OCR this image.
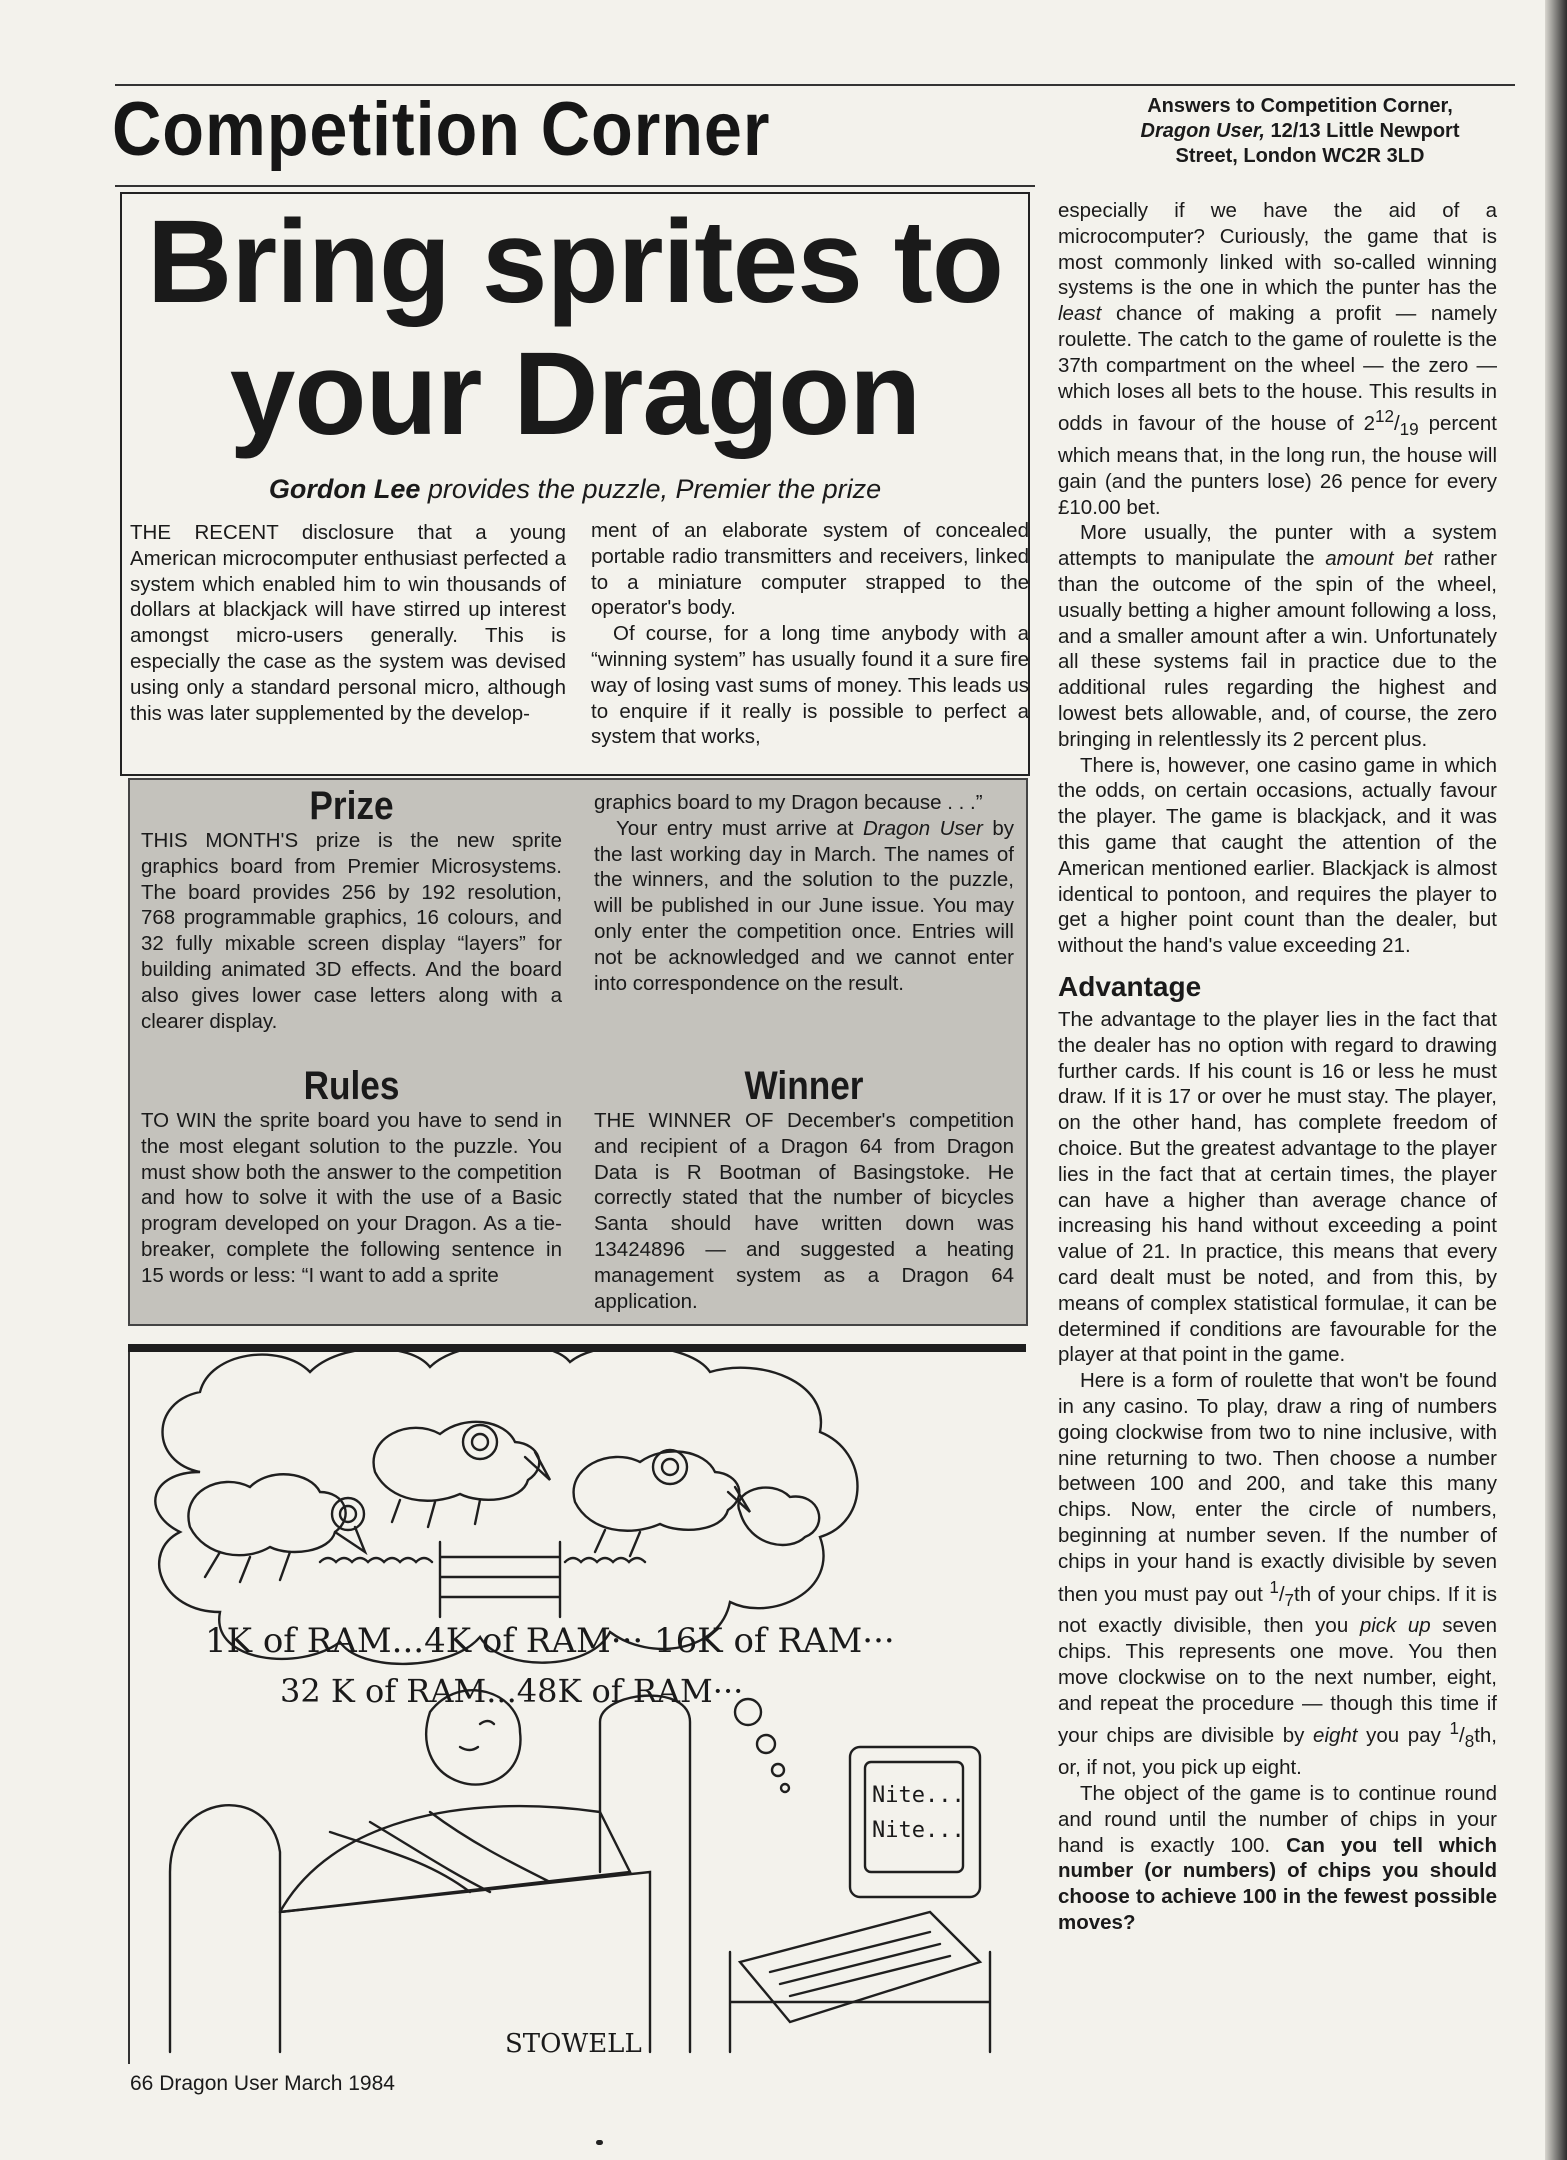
Competition Corner	Answers to Competition Corner,
Dragon User, 12/13 Little Newport
Street, London WC2R 3LD
Bring sprites to
your Dragon
Gordon Lee provides the puzzle, Premier the prize

THE RECENT disclosure that a young American microcomputer enthusiast perfected a system which enabled him to win thousands of dollars at blackjack will have stirred up interest amongst micro-users generally. This is especially the case as the system was devised using only a standard personal micro, although this was later supplemented by the develop-

ment of an elaborate system of concealed portable radio transmitters and receivers, linked to a miniature computer strapped to the operator's body.

Of course, for a long time anybody with a “winning system” has usually found it a sure fire way of losing vast sums of money. This leads us to enquire if it really is possible to perfect a system that works,

Prize

THIS MONTH'S prize is the new sprite graphics board from Premier Microsystems. The board provides 256 by 192 resolution, 768 programmable graphics, 16 colours, and 32 fully mixable screen display “layers” for building animated 3D effects. And the board also gives lower case letters along with a clearer display.

graphics board to my Dragon because . . .”

Your entry must arrive at Dragon User by the last working day in March. The names of the winners, and the solution to the puzzle, will be published in our June issue. You may only enter the competition once. Entries will not be acknowledged and we cannot enter into correspondence on the result.

Rules

TO WIN the sprite board you have to send in the most elegant solution to the puzzle. You must show both the answer to the competition and how to solve it with the use of a Basic program developed on your Dragon. As a tie-breaker, complete the following sentence in 15 words or less: “I want to add a sprite

Winner

THE WINNER OF December's competition and recipient of a Dragon 64 from Dragon Data is R Bootman of Basingstoke. He correctly stated that the number of bicycles Santa should have written down was 13424896 — and suggested a heating management system as a Dragon 64 application.

1K of RAM...4K of RAM··· 16K of RAM···
32 K of RAM...48K of RAM···
Nite...
Nite...
STOWELL

especially if we have the aid of a microcomputer? Curiously, the game that is most commonly linked with so-called winning systems is the one in which the punter has the least chance of making a profit — namely roulette. The catch to the game of roulette is the 37th compartment on the wheel — the zero — which loses all bets to the house. This results in odds in favour of the house of $2^{12}/_{19}$ percent which means that, in the long run, the house will gain (and the punters lose) 26 pence for every £10.00 bet.

More usually, the punter with a system attempts to manipulate the amount bet rather than the outcome of the spin of the wheel, usually betting a higher amount following a loss, and a smaller amount after a win. Unfortunately all these systems fail in practice due to the additional rules regarding the highest and lowest bets allowable, and, of course, the zero bringing in relentlessly its 2 percent plus.

There is, however, one casino game in which the odds, on certain occasions, actually favour the player. The game is blackjack, and it was this game that caught the attention of the American mentioned earlier. Blackjack is almost identical to pontoon, and requires the player to get a higher point count than the dealer, but without the hand's value exceeding 21.

Advantage

The advantage to the player lies in the fact that the dealer has no option with regard to drawing further cards. If his count is 16 or less he must draw. If it is 17 or over he must stay. The player, on the other hand, has complete freedom of choice. But the greatest advantage to the player lies in the fact that at certain times, the player can have a higher than average chance of increasing his hand without exceeding a point value of 21. In practice, this means that every card dealt must be noted, and from this, by means of complex statistical formulae, it can be determined if conditions are favourable for the player at that point in the game.

Here is a form of roulette that won't be found in any casino. To play, draw a ring of numbers going clockwise from two to nine inclusive, with nine returning to two. Then choose a number between 100 and 200, and take this many chips. Now, enter the circle of numbers, beginning at number seven. If the number of chips in your hand is exactly divisible by seven then you must pay out $^1/_7th$ of your chips. If it is not exactly divisible, then you pick up seven chips. This represents one move. You then move clockwise on to the next number, eight, and repeat the procedure — though this time if your chips are divisible by eight you pay $^1/_8th$, or, if not, you pick up eight.

The object of the game is to continue round and round until the number of chips in your hand is exactly 100. Can you tell which number (or numbers) of chips you should choose to achieve 100 in the fewest possible moves?

66 Dragon User March 1984
